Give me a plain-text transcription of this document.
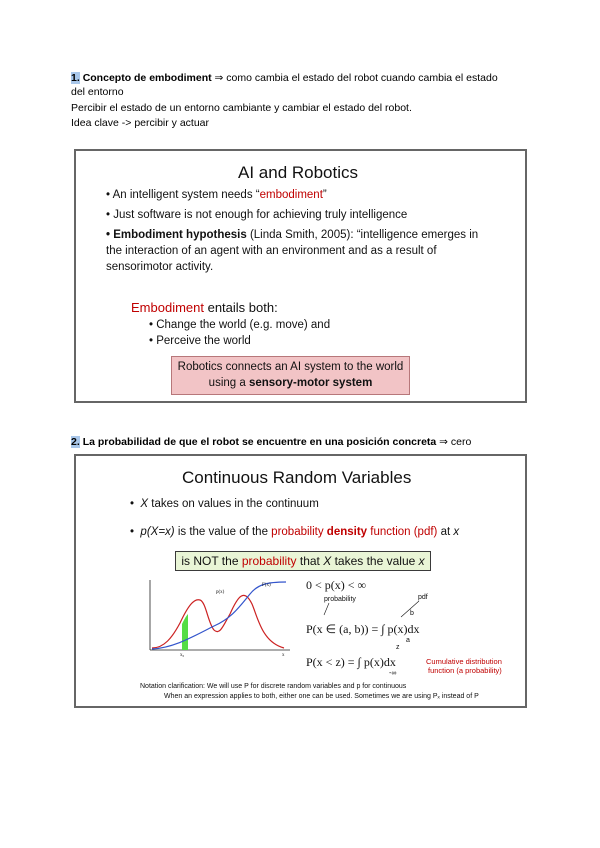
1. Concepto de embodiment ⇒ como cambia el estado del robot cuando cambia el estado
del entorno
Percibir el estado de un entorno cambiante y cambiar el estado del robot.
Idea clave -> percibir y actuar
AI and Robotics
• An intelligent system needs “embodiment”
• Just software is not enough for achieving truly intelligence
• Embodiment hypothesis (Linda Smith, 2005): “intelligence emerges in
the interaction of an agent with an environment and as a result of
sensorimotor activity.
Embodiment entails both:
• Change the world (e.g. move) and
• Perceive the world
Robotics connects an AI system to the world
using a sensory-motor system
2. La probabilidad de que el robot se encuentre en una posición concreta ⇒ cero
Continuous Random Variables
•  X takes on values in the continuum
•  p(X=x) is the value of the probability density function (pdf) at x
is NOT the probability that X takes the value x
p(x)
F(x)
x₀	x
0 < p(x) < ∞
probability	pdf
P(x ∈ (a, b)) = ∫ p(x)dx
b
a
P(x < z) = ∫ p(x)dx
z
-∞
Cumulative distribution
function (a probability)
Notation clarification: We will use P for discrete random variables and p for continuous
When an expression applies to both, either one can be used. Sometimes we are using Pₓ instead of P
